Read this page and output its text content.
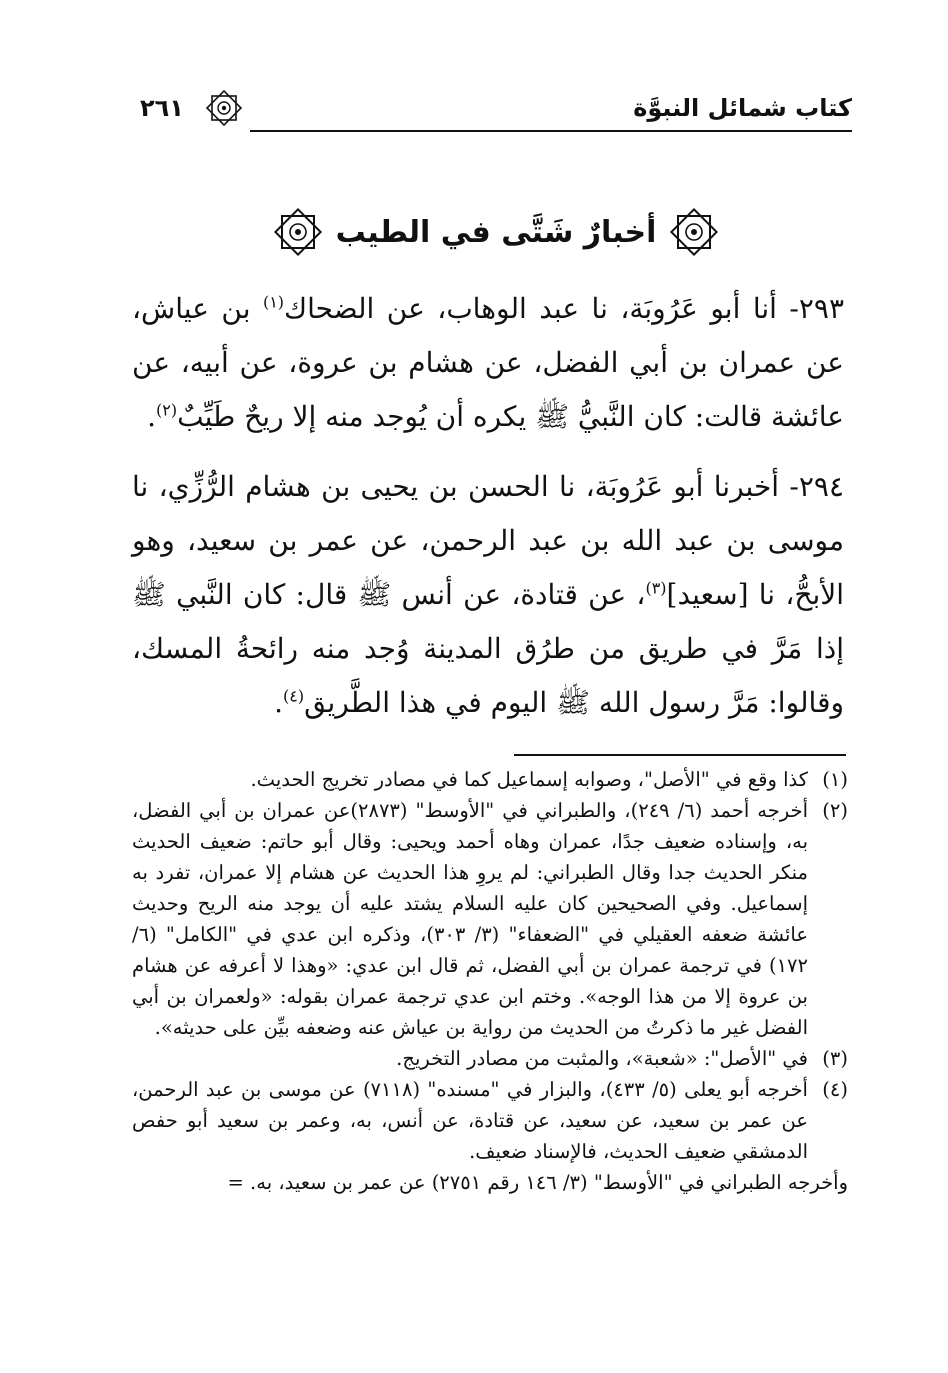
كتاب شمائل النبوَّة
٢٦١
أخبارٌ شَتَّى في الطيب

٢٩٣- أنا أبو عَرُوبَة، نا عبد الوهاب، عن الضحاك$^{(١)}$ بن عياش، عن عمران بن أبي الفضل، عن هشام بن عروة، عن أبيه، عن عائشة قالت: كان النَّبيُّ ﷺ يكره أن يُوجد منه إلا ريحٌ طَيِّبٌ$^{(٢)}$.

٢٩٤- أخبرنا أبو عَرُوبَة، نا الحسن بن يحيى بن هشام الرُّزِّي، نا موسى بن عبد الله بن عبد الرحمن، عن عمر بن سعيد، وهو الأبحُّ، نا [سعيد]$^{(٣)}$، عن قتادة، عن أنس ﷺ قال: كان النَّبي ﷺ إذا مَرَّ في طريق من طرُق المدينة وُجد منه رائحةُ المسك، وقالوا: مَرَّ رسول الله ﷺ اليوم في هذا الطَّريق$^{(٤)}$.

(١)
كذا وقع في "الأصل"، وصوابه إسماعيل كما في مصادر تخريج الحديث.
(٢)
أخرجه أحمد (٦/ ٢٤٩)، والطبراني في "الأوسط" (٢٨٧٣)عن عمران بن أبي الفضل، به، وإسناده ضعيف جدًا، عمران وهاه أحمد ويحيى: وقال أبو حاتم: ضعيف الحديث منكر الحديث جدا وقال الطبراني: لم يروِ هذا الحديث عن هشام إلا عمران، تفرد به إسماعيل. وفي الصحيحين كان عليه السلام يشتد عليه أن يوجد منه الريح وحديث عائشة ضعفه العقيلي في "الضعفاء" (٣/ ٣٠٣)، وذكره ابن عدي في "الكامل" (٦/ ١٧٢) في ترجمة عمران بن أبي الفضل، ثم قال ابن عدي: «وهذا لا أعرفه عن هشام بن عروة إلا من هذا الوجه». وختم ابن عدي ترجمة عمران بقوله: «ولعمران بن أبي الفضل غير ما ذكرتُ من الحديث من رواية بن عياش عنه وضعفه بيِّن على حديثه».
(٣)
في "الأصل": «شعبة»، والمثبت من مصادر التخريج.
(٤)
أخرجه أبو يعلى (٥/ ٤٣٣)، والبزار في "مسنده" (٧١١٨) عن موسى بن عبد الرحمن، عن عمر بن سعيد، عن سعيد، عن قتادة، عن أنس، به، وعمر بن سعيد أبو حفص الدمشقي ضعيف الحديث، فالإسناد ضعيف.
وأخرجه الطبراني في "الأوسط" (٣/ ١٤٦ رقم ٢٧٥١) عن عمر بن سعيد، به. =
